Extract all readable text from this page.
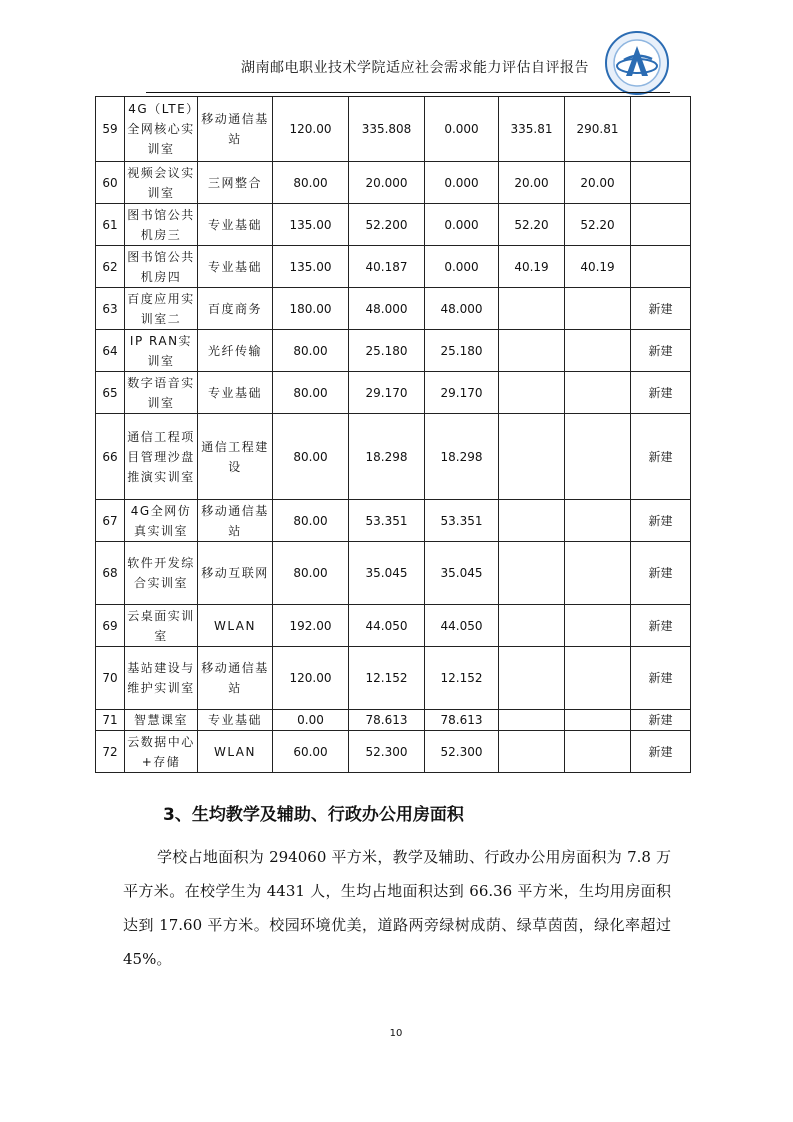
湖南邮电职业技术学院适应社会需求能力评估自评报告
59	4G（LTE）全网核心实训室	移动通信基站	120.00	335.808	0.000	335.81	290.81	
60	视频会议实训室	三网整合	80.00	20.000	0.000	20.00	20.00	
61	图书馆公共机房三	专业基础	135.00	52.200	0.000	52.20	52.20	
62	图书馆公共机房四	专业基础	135.00	40.187	0.000	40.19	40.19	
63	百度应用实训室二	百度商务	180.00	48.000	48.000			新建
64	IP RAN实训室	光纤传输	80.00	25.180	25.180			新建
65	数字语音实训室	专业基础	80.00	29.170	29.170			新建
66	通信工程项目管理沙盘推演实训室	通信工程建设	80.00	18.298	18.298			新建
67	4G全网仿真实训室	移动通信基站	80.00	53.351	53.351			新建
68	软件开发综合实训室	移动互联网	80.00	35.045	35.045			新建
69	云桌面实训室	WLAN	192.00	44.050	44.050			新建
70	基站建设与维护实训室	移动通信基站	120.00	12.152	12.152			新建
71	智慧课室	专业基础	0.00	78.613	78.613			新建
72	云数据中心+存储	WLAN	60.00	52.300	52.300			新建
3、生均教学及辅助、行政办公用房面积
学校占地面积为 294060 平方米，教学及辅助、行政办公用房面积为 7.8 万平方米。在校学生为 4431 人，生均占地面积达到 66.36 平方米，生均用房面积达到 17.60 平方米。校园环境优美，道路两旁绿树成荫、绿草茵茵，绿化率超过 45%。
10
